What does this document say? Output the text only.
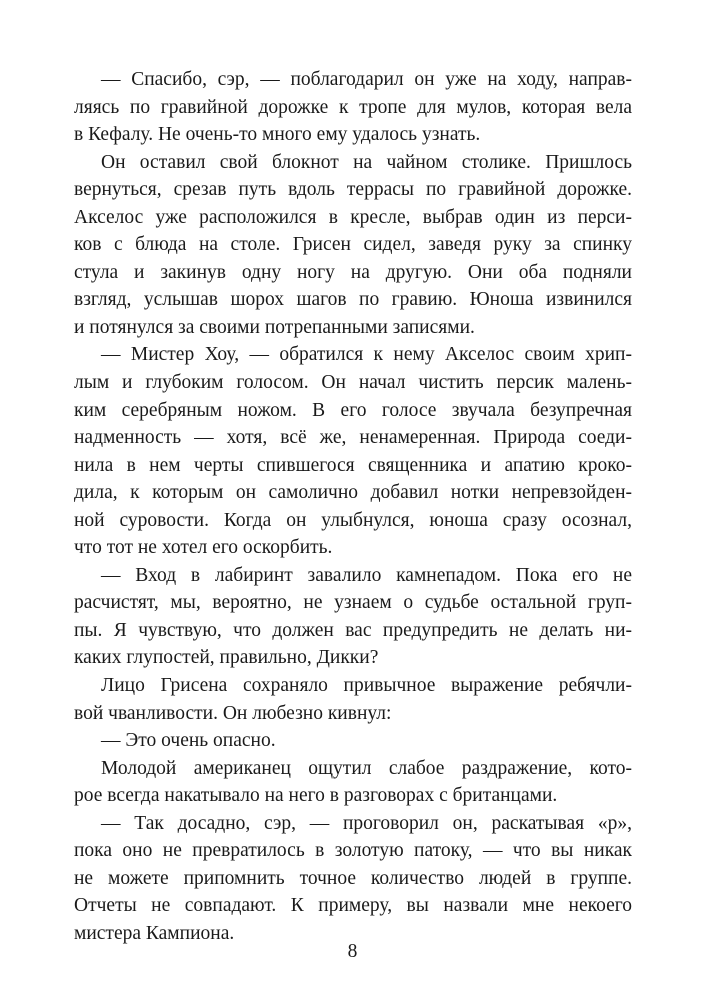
— Спасибо, сэр, — поблагодарил он уже на ходу, направ-
ляясь по гравийной дорожке к тропе для мулов, которая вела
в Кефалу. Не очень-то много ему удалось узнать.
Он оставил свой блокнот на чайном столике. Пришлось
вернуться, срезав путь вдоль террасы по гравийной дорожке.
Акселос уже расположился в кресле, выбрав один из перси-
ков с блюда на столе. Грисен сидел, заведя руку за спинку
стула и закинув одну ногу на другую. Они оба подняли
взгляд, услышав шорох шагов по гравию. Юноша извинился
и потянулся за своими потрепанными записями.
— Мистер Хоу, — обратился к нему Акселос своим хрип-
лым и глубоким голосом. Он начал чистить персик малень-
ким серебряным ножом. В его голосе звучала безупречная
надменность — хотя, всё же, ненамеренная. Природа соеди-
нила в нем черты спившегося священника и апатию кроко-
дила, к которым он самолично добавил нотки непревзойден-
ной суровости. Когда он улыбнулся, юноша сразу осознал,
что тот не хотел его оскорбить.
— Вход в лабиринт завалило камнепадом. Пока его не
расчистят, мы, вероятно, не узнаем о судьбе остальной груп-
пы. Я чувствую, что должен вас предупредить не делать ни-
каких глупостей, правильно, Дикки?
Лицо Грисена сохраняло привычное выражение ребячли-
вой чванливости. Он любезно кивнул:
— Это очень опасно.
Молодой американец ощутил слабое раздражение, кото-
рое всегда накатывало на него в разговорах с британцами.
— Так досадно, сэр, — проговорил он, раскатывая «р»,
пока оно не превратилось в золотую патоку, — что вы никак
не можете припомнить точное количество людей в группе.
Отчеты не совпадают. К примеру, вы назвали мне некоего
мистера Кампиона.
8
